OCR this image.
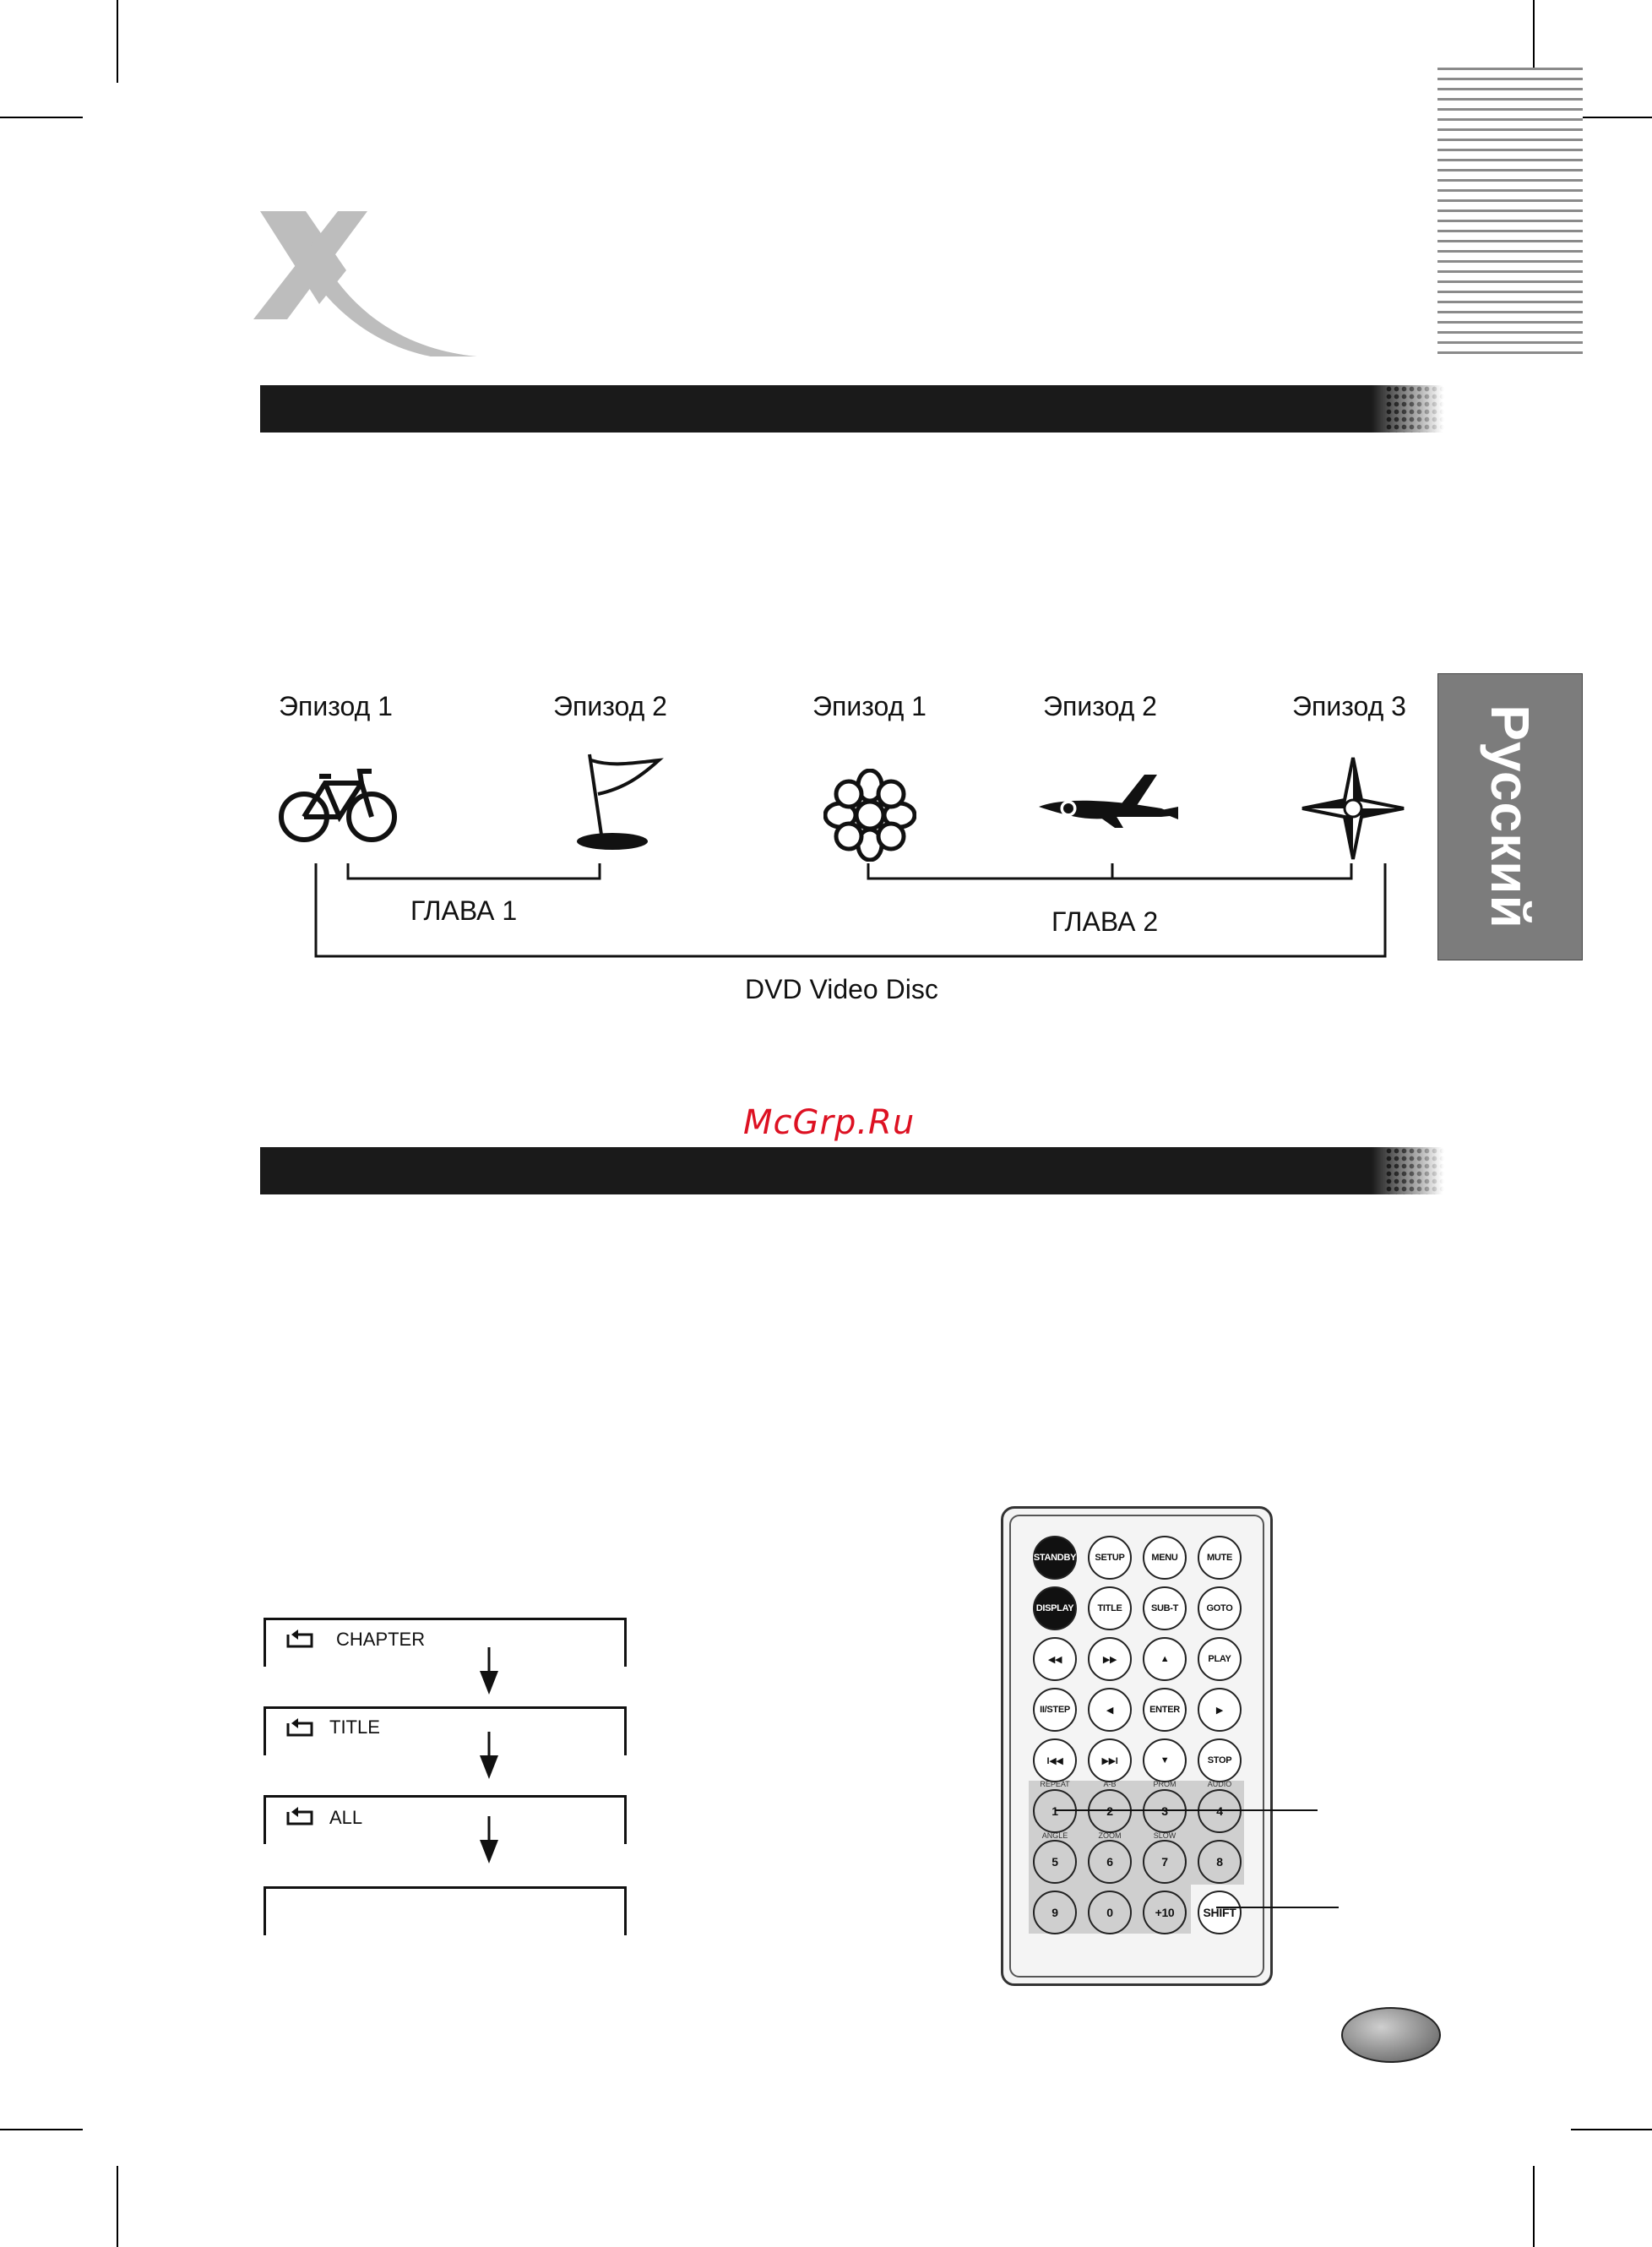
Русский
Эпизод 1	Эпизод 2	Эпизод 1	Эпизод 2	Эпизод 3
ГЛАВА 1	ГЛАВА 2
DVD Video Disc
McGrp.Ru
CHAPTER
TITLE
ALL
STANDBY	SETUP	MENU	MUTE
DISPLAY	TITLE	SUB-T	GOTO
◀◀	▶▶	▲	PLAY
II/STEP	◀	ENTER	▶
I◀◀	▶▶I	▼	STOP
1	2	3	4
5	6	7	8
9	0	+10	SHIFT
REPEAT	A-B	PROM	AUDIO
ANGLE	ZOOM	SLOW
